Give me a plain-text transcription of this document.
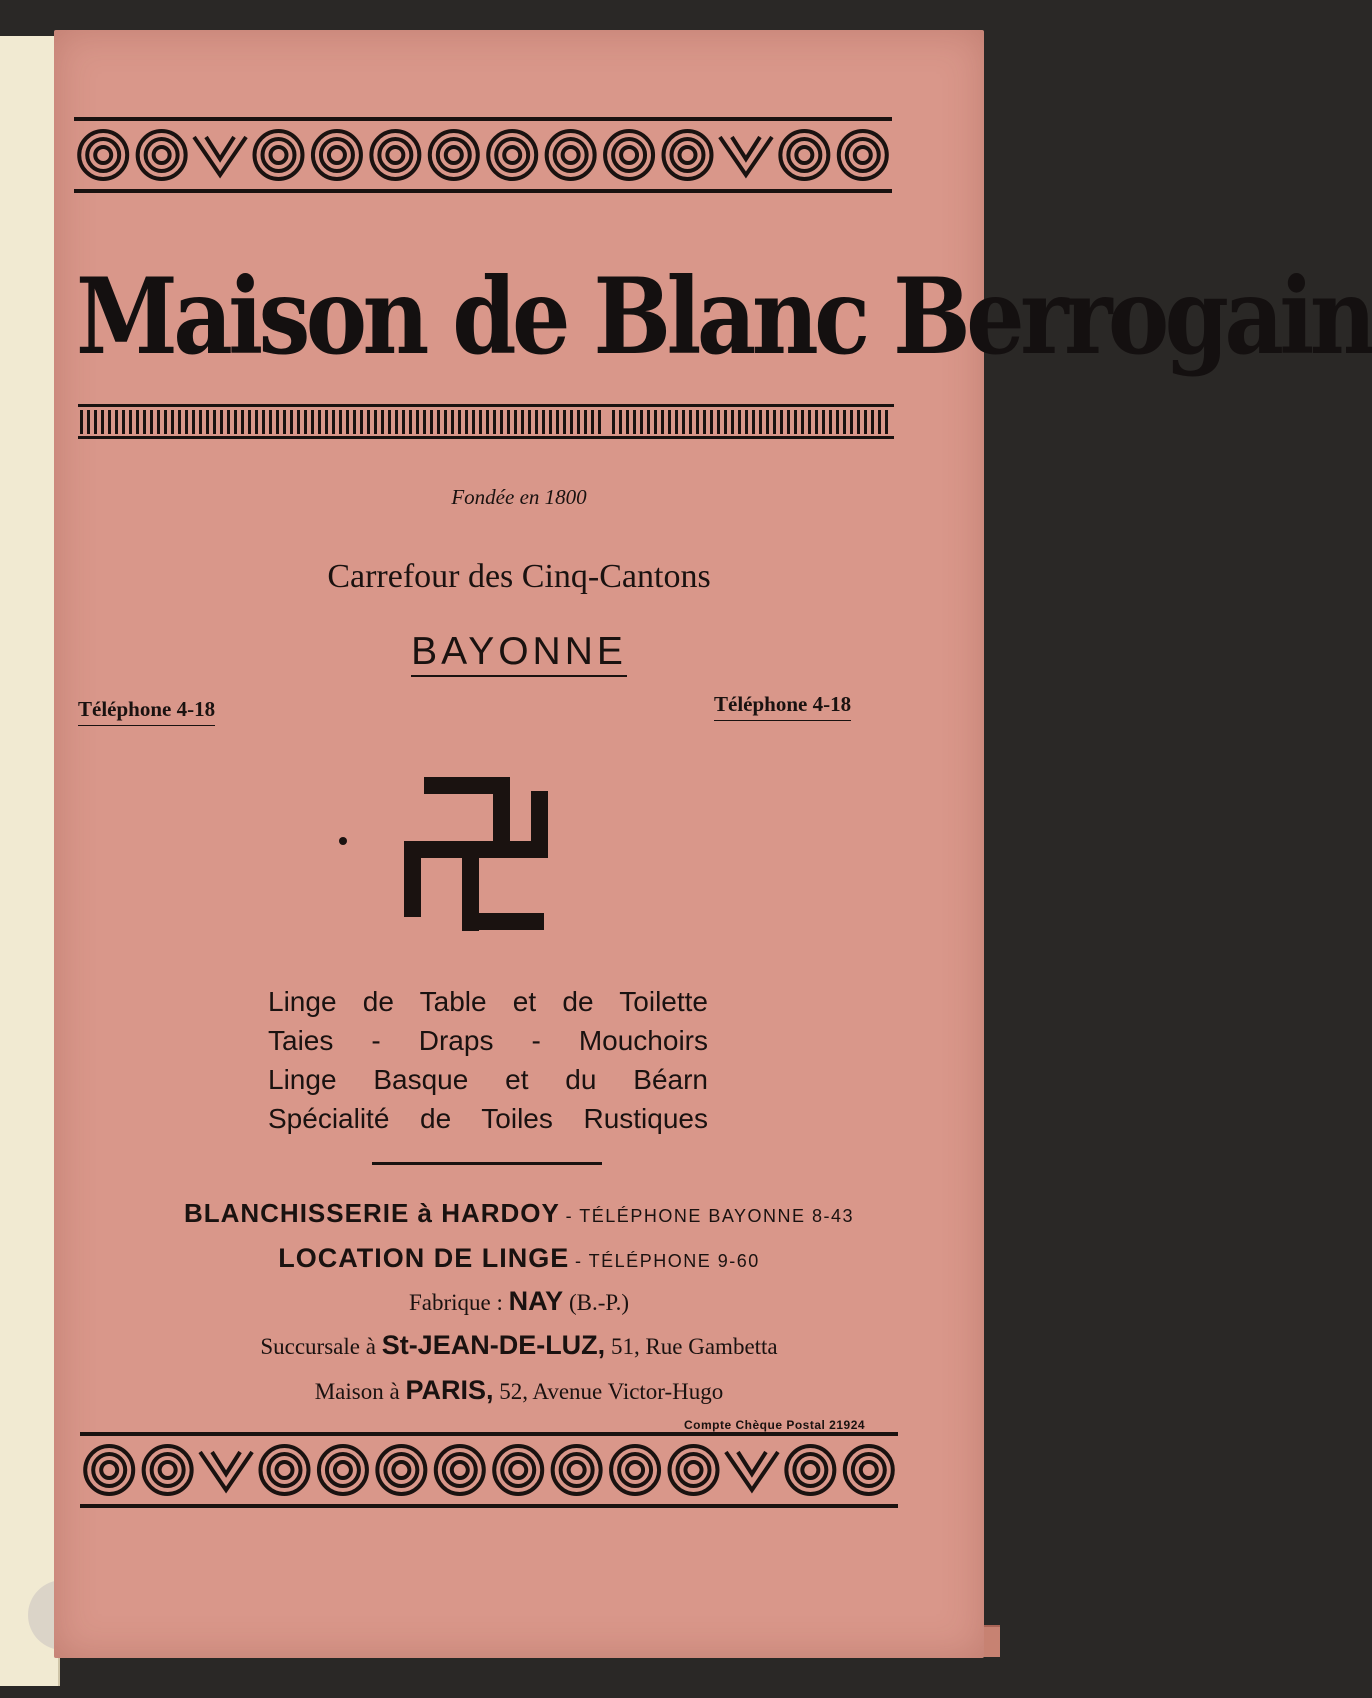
Maison de Blanc Berrogain
Fondée en 1800
Carrefour des Cinq-Cantons
BAYONNE
Téléphone 4-18	Téléphone 4-18
Linge de Table et de Toilette
Taies - Draps - Mouchoirs
Linge Basque et du Béarn
Spécialité de Toiles Rustiques
BLANCHISSERIE à HARDOY - TÉLÉPHONE BAYONNE 8-43
LOCATION DE LINGE - TÉLÉPHONE 9-60
Fabrique : NAY (B.-P.)
Succursale à St-JEAN-DE-LUZ, 51, Rue Gambetta
Maison à PARIS, 52, Avenue Victor-Hugo
Compte Chèque Postal 21924
